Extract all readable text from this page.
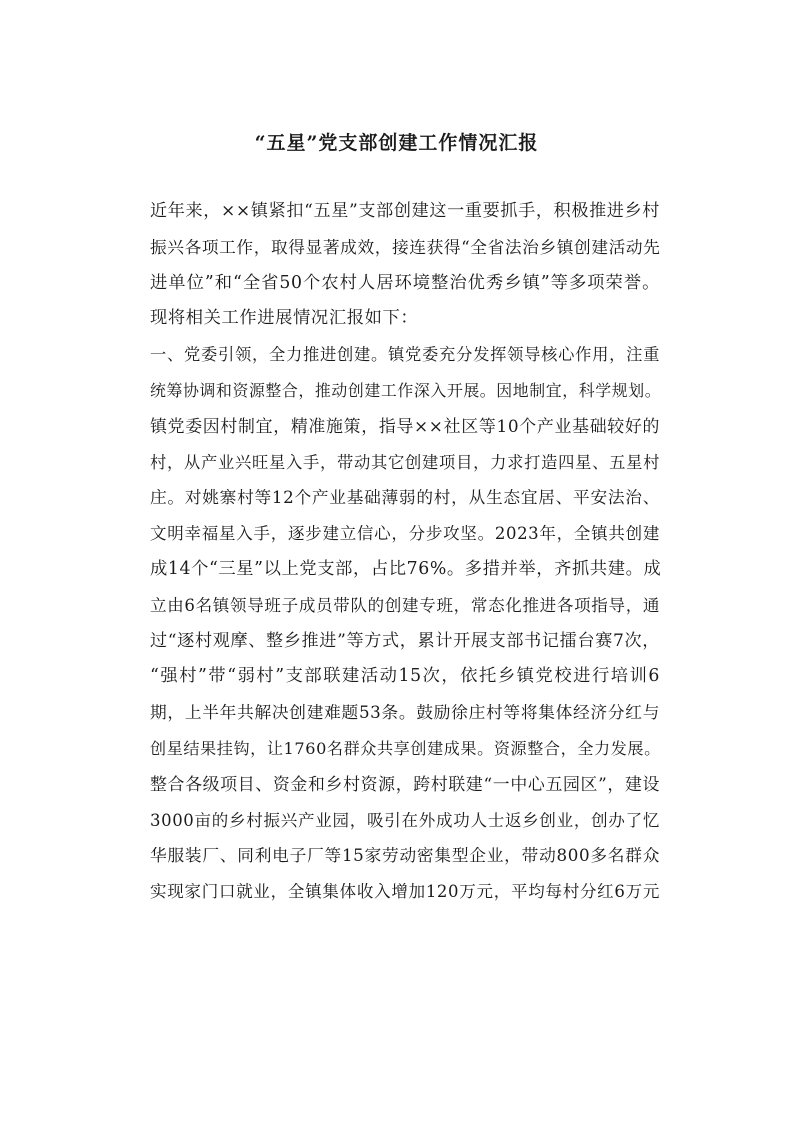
“五星”党支部创建工作情况汇报
近年来，××镇紧扣“五星”支部创建这一重要抓手，积极推进乡村
振兴各项工作，取得显著成效，接连获得“全省法治乡镇创建活动先
进单位”和“全省50个农村人居环境整治优秀乡镇”等多项荣誉。
现将相关工作进展情况汇报如下：
一、党委引领，全力推进创建。镇党委充分发挥领导核心作用，注重
统筹协调和资源整合，推动创建工作深入开展。因地制宜，科学规划。
镇党委因村制宜，精准施策，指导××社区等10个产业基础较好的
村，从产业兴旺星入手，带动其它创建项目，力求打造四星、五星村
庄。对姚寨村等12个产业基础薄弱的村，从生态宜居、平安法治、
文明幸福星入手，逐步建立信心，分步攻坚。2023年，全镇共创建
成14个“三星”以上党支部，占比76%。多措并举，齐抓共建。成
立由6名镇领导班子成员带队的创建专班，常态化推进各项指导，通
过“逐村观摩、整乡推进”等方式，累计开展支部书记擂台赛7次，
“强村”带“弱村”支部联建活动15次，依托乡镇党校进行培训6
期，上半年共解决创建难题53条。鼓励徐庄村等将集体经济分红与
创星结果挂钩，让1760名群众共享创建成果。资源整合，全力发展。
整合各级项目、资金和乡村资源，跨村联建“一中心五园区”，建设
3000亩的乡村振兴产业园，吸引在外成功人士返乡创业，创办了忆
华服装厂、同利电子厂等15家劳动密集型企业，带动800多名群众
实现家门口就业，全镇集体收入增加120万元，平均每村分红6万元
